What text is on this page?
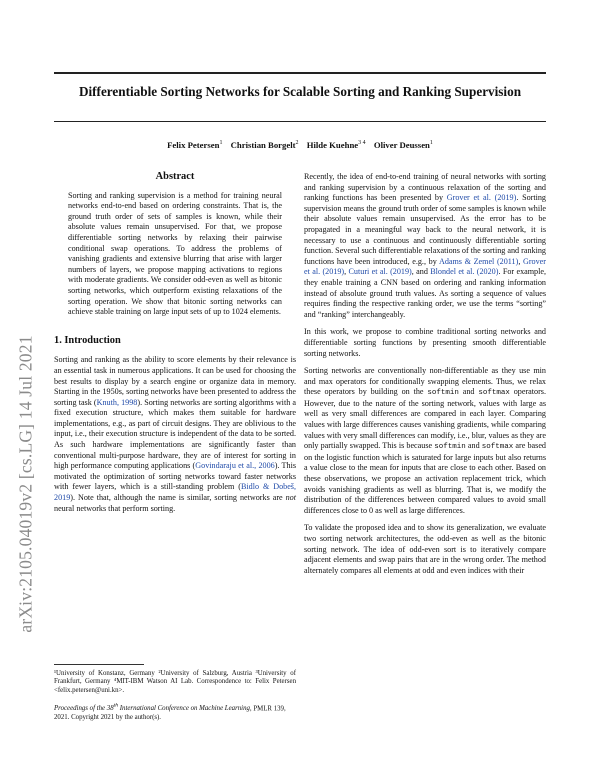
Differentiable Sorting Networks for Scalable Sorting and Ranking Supervision
Felix Petersen$^1$ Christian Borgelt$^2$ Hilde Kuehne$^{3 4}$ Oliver Deussen$^1$
arXiv:2105.04019v2 [cs.LG] 14 Jul 2021
Abstract

Sorting and ranking supervision is a method for training neural networks end-to-end based on ordering constraints. That is, the ground truth order of sets of samples is known, while their absolute values remain unsupervised. For that, we propose differentiable sorting networks by relaxing their pairwise conditional swap operations. To address the problems of vanishing gradients and extensive blurring that arise with larger numbers of layers, we propose mapping activations to regions with moderate gradients. We consider odd-even as well as bitonic sorting networks, which outperform existing relaxations of the sorting operation. We show that bitonic sorting networks can achieve stable training on large input sets of up to 1024 elements.

1. Introduction

Sorting and ranking as the ability to score elements by their relevance is an essential task in numerous applications. It can be used for choosing the best results to display by a search engine or organize data in memory. Starting in the 1950s, sorting networks have been presented to address the sorting task (Knuth, 1998). Sorting networks are sorting algorithms with a fixed execution structure, which makes them suitable for hardware implementations, e.g., as part of circuit designs. They are oblivious to the input, i.e., their execution structure is independent of the data to be sorted. As such hardware implementations are significantly faster than conventional multi-purpose hardware, they are of interest for sorting in high performance computing applications (Govindaraju et al., 2006). This motivated the optimization of sorting networks toward faster networks with fewer layers, which is a still-standing problem (Bidlo & Dobeš, 2019). Note that, although the name is similar, sorting networks are not neural networks that perform sorting.

¹University of Konstanz, Germany ²University of Salzburg, Austria ³University of Frankfurt, Germany ⁴MIT-IBM Watson AI Lab. Correspondence to: Felix Petersen <felix.petersen@uni.kn>.
Proceedings of the 38th International Conference on Machine Learning, PMLR 139, 2021. Copyright 2021 by the author(s).

Recently, the idea of end-to-end training of neural networks with sorting and ranking supervision by a continuous relaxation of the sorting and ranking functions has been presented by Grover et al. (2019). Sorting supervision means the ground truth order of some samples is known while their absolute values remain unsupervised. As the error has to be propagated in a meaningful way back to the neural network, it is necessary to use a continuous and continuously differentiable sorting function. Several such differentiable relaxations of the sorting and ranking functions have been introduced, e.g., by Adams & Zemel (2011), Grover et al. (2019), Cuturi et al. (2019), and Blondel et al. (2020). For example, they enable training a CNN based on ordering and ranking information instead of absolute ground truth values. As sorting a sequence of values requires finding the respective ranking order, we use the terms “sorting” and “ranking” interchangeably.

In this work, we propose to combine traditional sorting networks and differentiable sorting functions by presenting smooth differentiable sorting networks.

Sorting networks are conventionally non-differentiable as they use min and max operators for conditionally swapping elements. Thus, we relax these operators by building on the softmin and softmax operators. However, due to the nature of the sorting network, values with large as well as very small differences are compared in each layer. Comparing values with large differences causes vanishing gradients, while comparing values with very small differences can modify, i.e., blur, values as they are only partially swapped. This is because softmin and softmax are based on the logistic function which is saturated for large inputs but also returns a value close to the mean for inputs that are close to each other. Based on these observations, we propose an activation replacement trick, which avoids vanishing gradients as well as blurring. That is, we modify the distribution of the differences between compared values to avoid small differences close to 0 as well as large differences.

To validate the proposed idea and to show its generalization, we evaluate two sorting network architectures, the odd-even as well as the bitonic sorting network. The idea of odd-even sort is to iteratively compare adjacent elements and swap pairs that are in the wrong order. The method alternately compares all elements at odd and even indices with their
